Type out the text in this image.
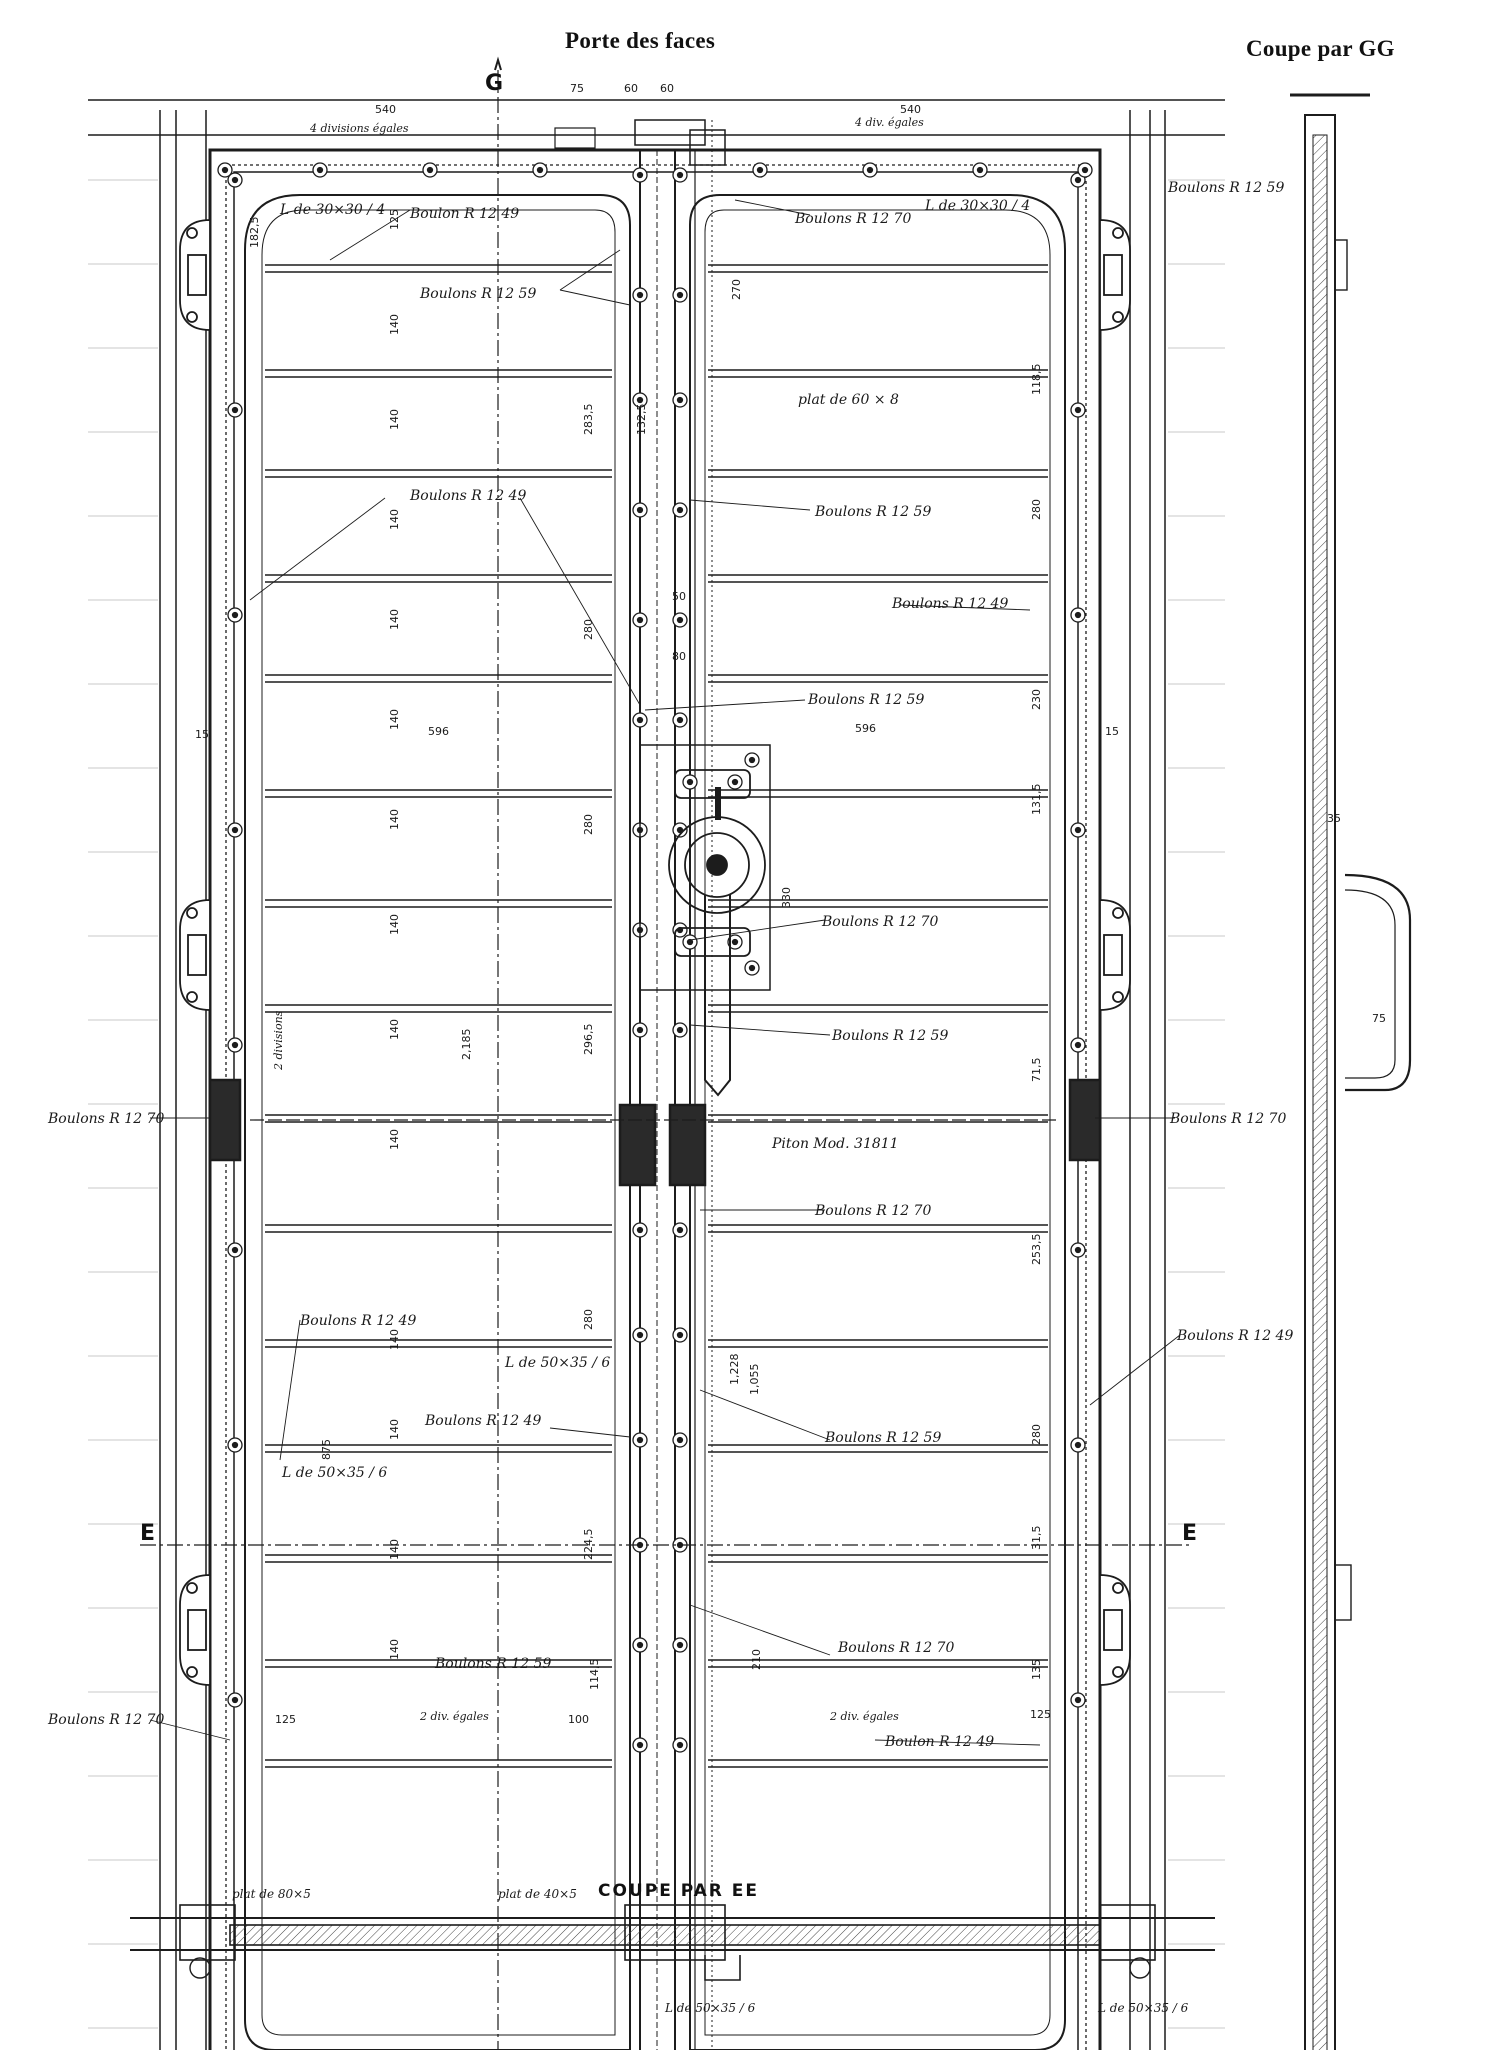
Porte des faces	Coupe par GG
G
E	E
COUPE PAR EE
Boulon R 12 49
Boulons R 12 59
Boulons R 12 70
Boulons R 12 59
Boulons R 12 49
Boulons R 12 59
Boulons R 12 49
Boulons R 12 59
Boulons R 12 70
Boulons R 12 59
Boulons R 12 70	Boulons R 12 70
Boulons R 12 70
Boulons R 12 49
Boulons R 12 49
Boulons R 12 49
Boulons R 12 59
Boulons R 12 59
Boulons R 12 70
Boulons R 12 70
Boulon R 12 49
L de 30×30 / 4	L de 30×30 / 4
plat de 60 × 8
Piton Mod. 31811
L de 50×35 / 6
L de 50×35 / 6
4 divisions égales	4 div. égales
2 div. égales	2 div. égales
2 divisions
plat de 80×5	plat de 40×5
L de 50×35 / 6	L de 50×35 / 6
540	540
75	60 60
140
140
140
140
140
140
140
140
140
140
140
140
140
270
280
280
280
280
280
596	596
330
1,055
1,228
2,185
875
100
75
35
182,5
253,5
296,5
131,5
224,5
118,5
283,5	132,5
114,5
71,5
31,5
15	15
50
80
210
230
125	125
125
135
